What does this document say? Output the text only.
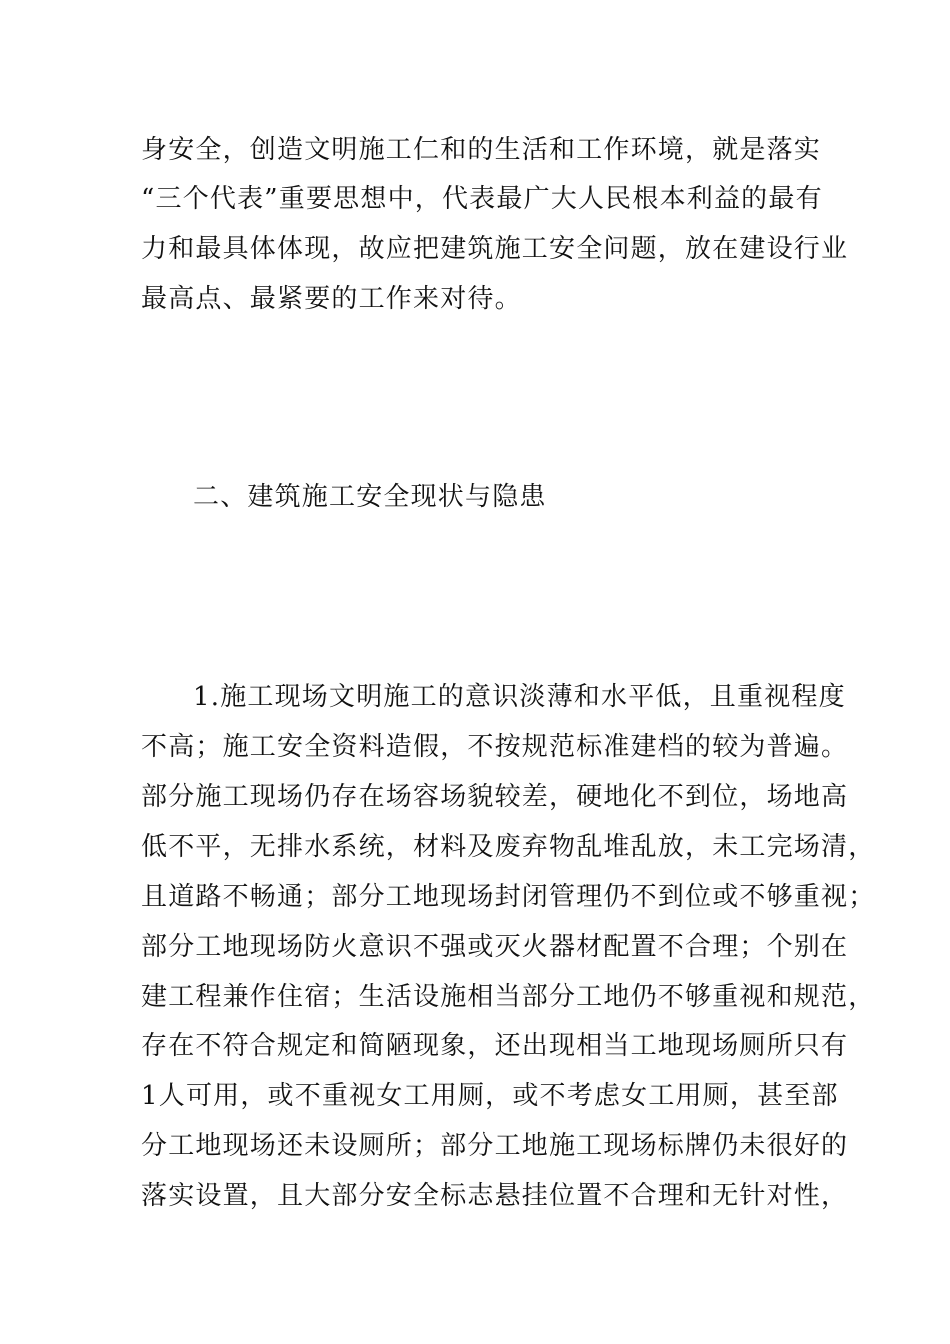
身安全，创造文明施工仁和的生活和工作环境，就是落实
“三个代表”重要思想中，代表最广大人民根本利益的最有
力和最具体体现，故应把建筑施工安全问题，放在建设行业
最高点、最紧要的工作来对待。
二、建筑施工安全现状与隐患
1.施工现场文明施工的意识淡薄和水平低，且重视程度
不高；施工安全资料造假，不按规范标准建档的较为普遍。
部分施工现场仍存在场容场貌较差，硬地化不到位，场地高
低不平，无排水系统，材料及废弃物乱堆乱放，未工完场清，
且道路不畅通；部分工地现场封闭管理仍不到位或不够重视；
部分工地现场防火意识不强或灭火器材配置不合理；个别在
建工程兼作住宿；生活设施相当部分工地仍不够重视和规范，
存在不符合规定和简陋现象，还出现相当工地现场厕所只有
1人可用，或不重视女工用厕，或不考虑女工用厕，甚至部
分工地现场还未设厕所；部分工地施工现场标牌仍未很好的
落实设置，且大部分安全标志悬挂位置不合理和无针对性，
